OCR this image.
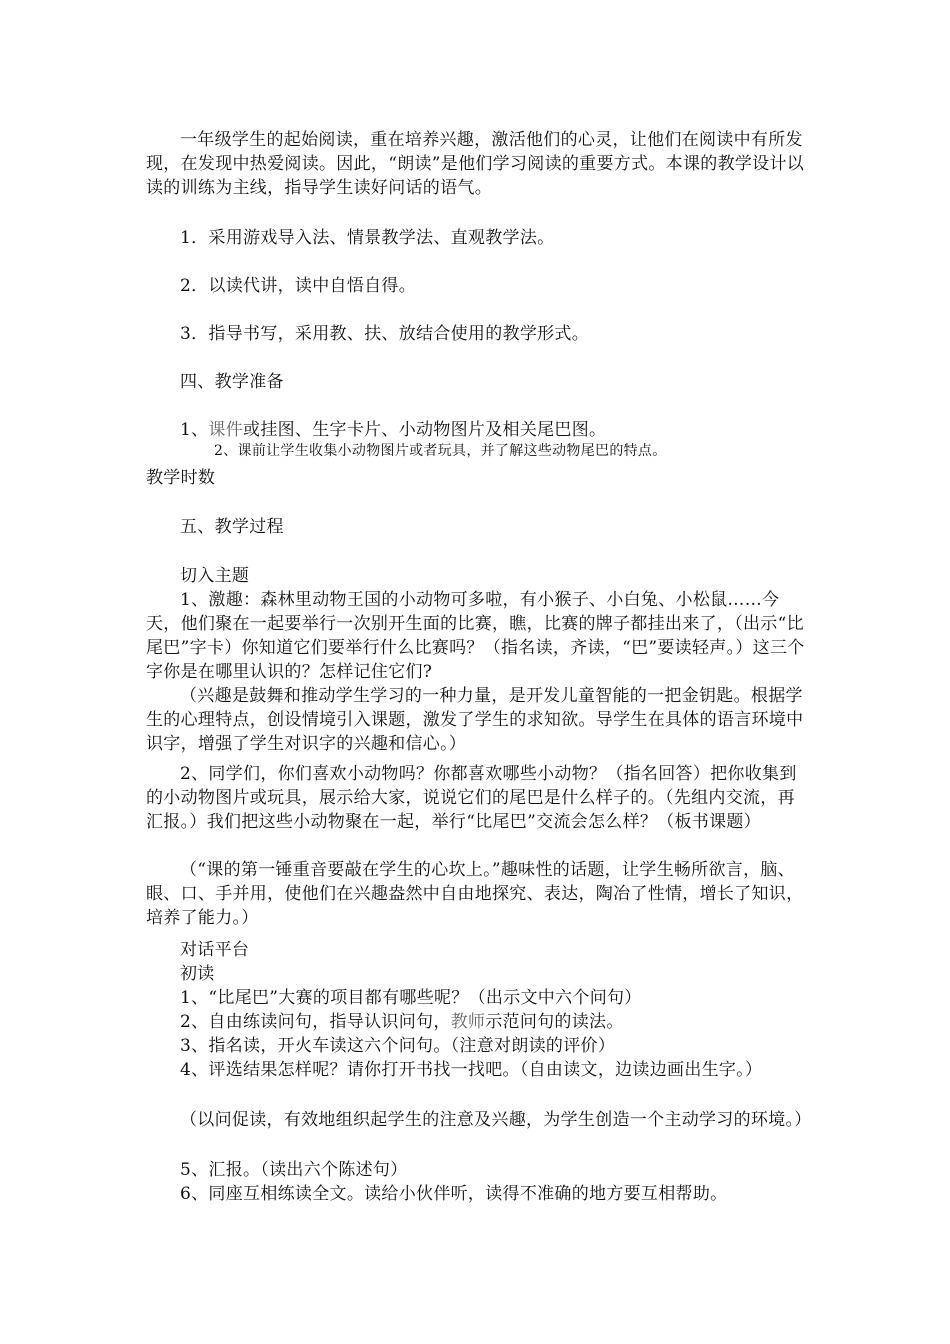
一年级学生的起始阅读，重在培养兴趣，激活他们的心灵，让他们在阅读中有所发现，在发现中热爱阅读。因此，“朗读”是他们学习阅读的重要方式。本课的教学设计以读的训练为主线，指导学生读好问话的语气。

1．采用游戏导入法、情景教学法、直观教学法。

2．以读代讲，读中自悟自得。

3．指导书写，采用教、扶、放结合使用的教学形式。

四、教学准备

1、课件或挂图、生字卡片、小动物图片及相关尾巴图。

2、课前让学生收集小动物图片或者玩具，并了解这些动物尾巴的特点。

教学时数

五、教学过程

切入主题

1、激趣：森林里动物王国的小动物可多啦，有小猴子、小白兔、小松鼠……今天，他们聚在一起要举行一次别开生面的比赛，瞧，比赛的牌子都挂出来了，（出示“比尾巴”字卡）你知道它们要举行什么比赛吗？（指名读，齐读，“巴”要读轻声。）这三个字你是在哪里认识的？怎样记住它们?

（兴趣是鼓舞和推动学生学习的一种力量，是开发儿童智能的一把金钥匙。根据学生的心理特点，创设情境引入课题，激发了学生的求知欲。导学生在具体的语言环境中识字，增强了学生对识字的兴趣和信心。）

2、同学们，你们喜欢小动物吗？你都喜欢哪些小动物？（指名回答）把你收集到的小动物图片或玩具，展示给大家，说说它们的尾巴是什么样子的。（先组内交流，再汇报。）我们把这些小动物聚在一起，举行“比尾巴”交流会怎么样？（板书课题）

（“课的第一锤重音要敲在学生的心坎上。”趣味性的话题，让学生畅所欲言，脑、眼、口、手并用，使他们在兴趣盎然中自由地探究、表达，陶冶了性情，增长了知识，培养了能力。）

对话平台

初读

1、“比尾巴”大赛的项目都有哪些呢？（出示文中六个问句）

2、自由练读问句，指导认识问句，教师示范问句的读法。

3、指名读，开火车读这六个问句。（注意对朗读的评价）

4、评选结果怎样呢？请你打开书找一找吧。（自由读文，边读边画出生字。）

（以问促读，有效地组织起学生的注意及兴趣，为学生创造一个主动学习的环境。）

5、汇报。（读出六个陈述句）

6、同座互相练读全文。读给小伙伴听，读得不准确的地方要互相帮助。
